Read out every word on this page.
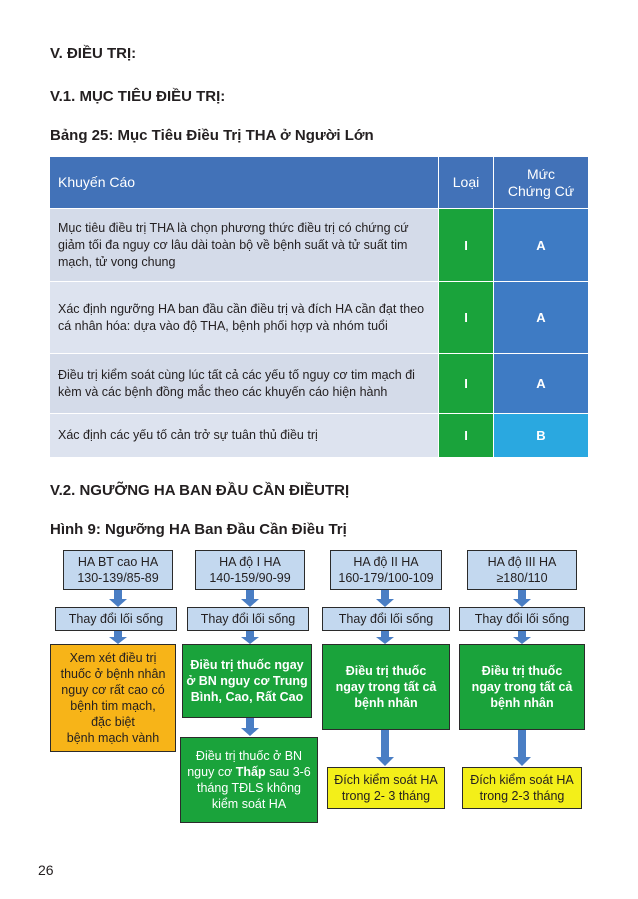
V. ĐIỀU TRỊ:
V.1. MỤC TIÊU ĐIỀU TRỊ:
Bảng 25: Mục Tiêu Điều Trị THA ở Người Lớn
Khuyến Cáo	Loại	Mức
Chứng Cứ
Mục tiêu điều trị THA là chọn phương thức điều trị có chứng cứ giảm tối đa nguy cơ lâu dài toàn bộ về bệnh suất và tử suất tim mạch, tử vong chung	I	A
Xác định ngưỡng HA ban đầu cần điều trị và đích HA cần đạt theo cá nhân hóa: dựa vào độ THA, bệnh phối hợp và nhóm tuổi	I	A
Điều trị kiểm soát cùng lúc tất cả các yếu tố nguy cơ tim mạch đi kèm và các bệnh đồng mắc theo các khuyến cáo hiện hành	I	A
Xác định các yếu tố cản trở sự tuân thủ điều trị	I	B
V.2. NGƯỠNG HA BAN ĐẦU CẦN ĐIỀUTRỊ
Hình 9: Ngưỡng HA Ban Đầu Cần Điều Trị
HA BT cao HA
130-139/85-89
Thay đổi lối sống
Xem xét điều trị
thuốc ở bệnh nhân
nguy cơ rất cao có
bệnh tim mạch,
đặc biệt
bệnh mạch vành
HA độ I HA
140-159/90-99
Thay đổi lối sống
Điều trị thuốc ngay
ở BN nguy cơ Trung
Bình, Cao, Rất Cao
Điều trị thuốc ở BN
nguy cơ Thấp sau 3-6
tháng TĐLS không
kiểm soát HA
HA độ II HA
160-179/100-109
Thay đổi lối sống
Điều trị thuốc
ngay trong tất cả
bệnh nhân
Đích kiểm soát HA
trong 2- 3 tháng
HA độ III HA
≥180/110
Thay đổi lối sống
Điều trị thuốc
ngay trong tất cả
bệnh nhân
Đích kiểm soát HA
trong 2-3 tháng
26
